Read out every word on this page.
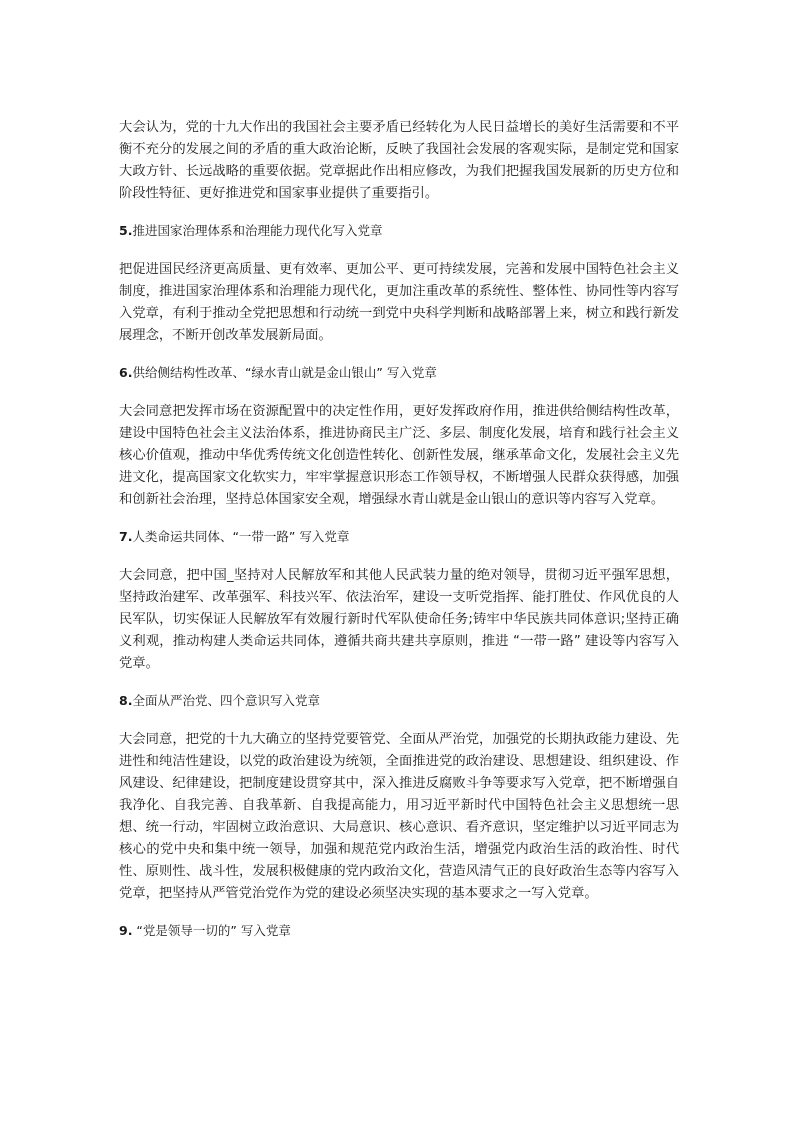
大会认为，党的十九大作出的我国社会主要矛盾已经转化为人民日益增长的美好生活需要和不平衡不充分的发展之间的矛盾的重大政治论断，反映了我国社会发展的客观实际，是制定党和国家大政方针、长远战略的重要依据。党章据此作出相应修改，为我们把握我国发展新的历史方位和阶段性特征、更好推进党和国家事业提供了重要指引。

5.推进国家治理体系和治理能力现代化写入党章

把促进国民经济更高质量、更有效率、更加公平、更可持续发展，完善和发展中国特色社会主义制度，推进国家治理体系和治理能力现代化，更加注重改革的系统性、整体性、协同性等内容写入党章，有利于推动全党把思想和行动统一到党中央科学判断和战略部署上来，树立和践行新发展理念，不断开创改革发展新局面。

6.供给侧结构性改革、“绿水青山就是金山银山” 写入党章

大会同意把发挥市场在资源配置中的决定性作用，更好发挥政府作用，推进供给侧结构性改革，建设中国特色社会主义法治体系，推进协商民主广泛、多层、制度化发展，培育和践行社会主义核心价值观，推动中华优秀传统文化创造性转化、创新性发展，继承革命文化，发展社会主义先进文化，提高国家文化软实力，牢牢掌握意识形态工作领导权，不断增强人民群众获得感，加强和创新社会治理，坚持总体国家安全观，增强绿水青山就是金山银山的意识等内容写入党章。

7.人类命运共同体、“一带一路” 写入党章

大会同意，把中国_坚持对人民解放军和其他人民武装力量的绝对领导，贯彻习近平强军思想，坚持政治建军、改革强军、科技兴军、依法治军，建设一支听党指挥、能打胜仗、作风优良的人民军队，切实保证人民解放军有效履行新时代军队使命任务;铸牢中华民族共同体意识;坚持正确义利观，推动构建人类命运共同体，遵循共商共建共享原则，推进 “一带一路” 建设等内容写入党章。

8.全面从严治党、四个意识写入党章

大会同意，把党的十九大确立的坚持党要管党、全面从严治党，加强党的长期执政能力建设、先进性和纯洁性建设，以党的政治建设为统领，全面推进党的政治建设、思想建设、组织建设、作风建设、纪律建设，把制度建设贯穿其中，深入推进反腐败斗争等要求写入党章，把不断增强自我净化、自我完善、自我革新、自我提高能力，用习近平新时代中国特色社会主义思想统一思想、统一行动，牢固树立政治意识、大局意识、核心意识、看齐意识，坚定维护以习近平同志为核心的党中央和集中统一领导，加强和规范党内政治生活，增强党内政治生活的政治性、时代性、原则性、战斗性，发展积极健康的党内政治文化，营造风清气正的良好政治生态等内容写入党章，把坚持从严管党治党作为党的建设必须坚决实现的基本要求之一写入党章。

9. “党是领导一切的” 写入党章
